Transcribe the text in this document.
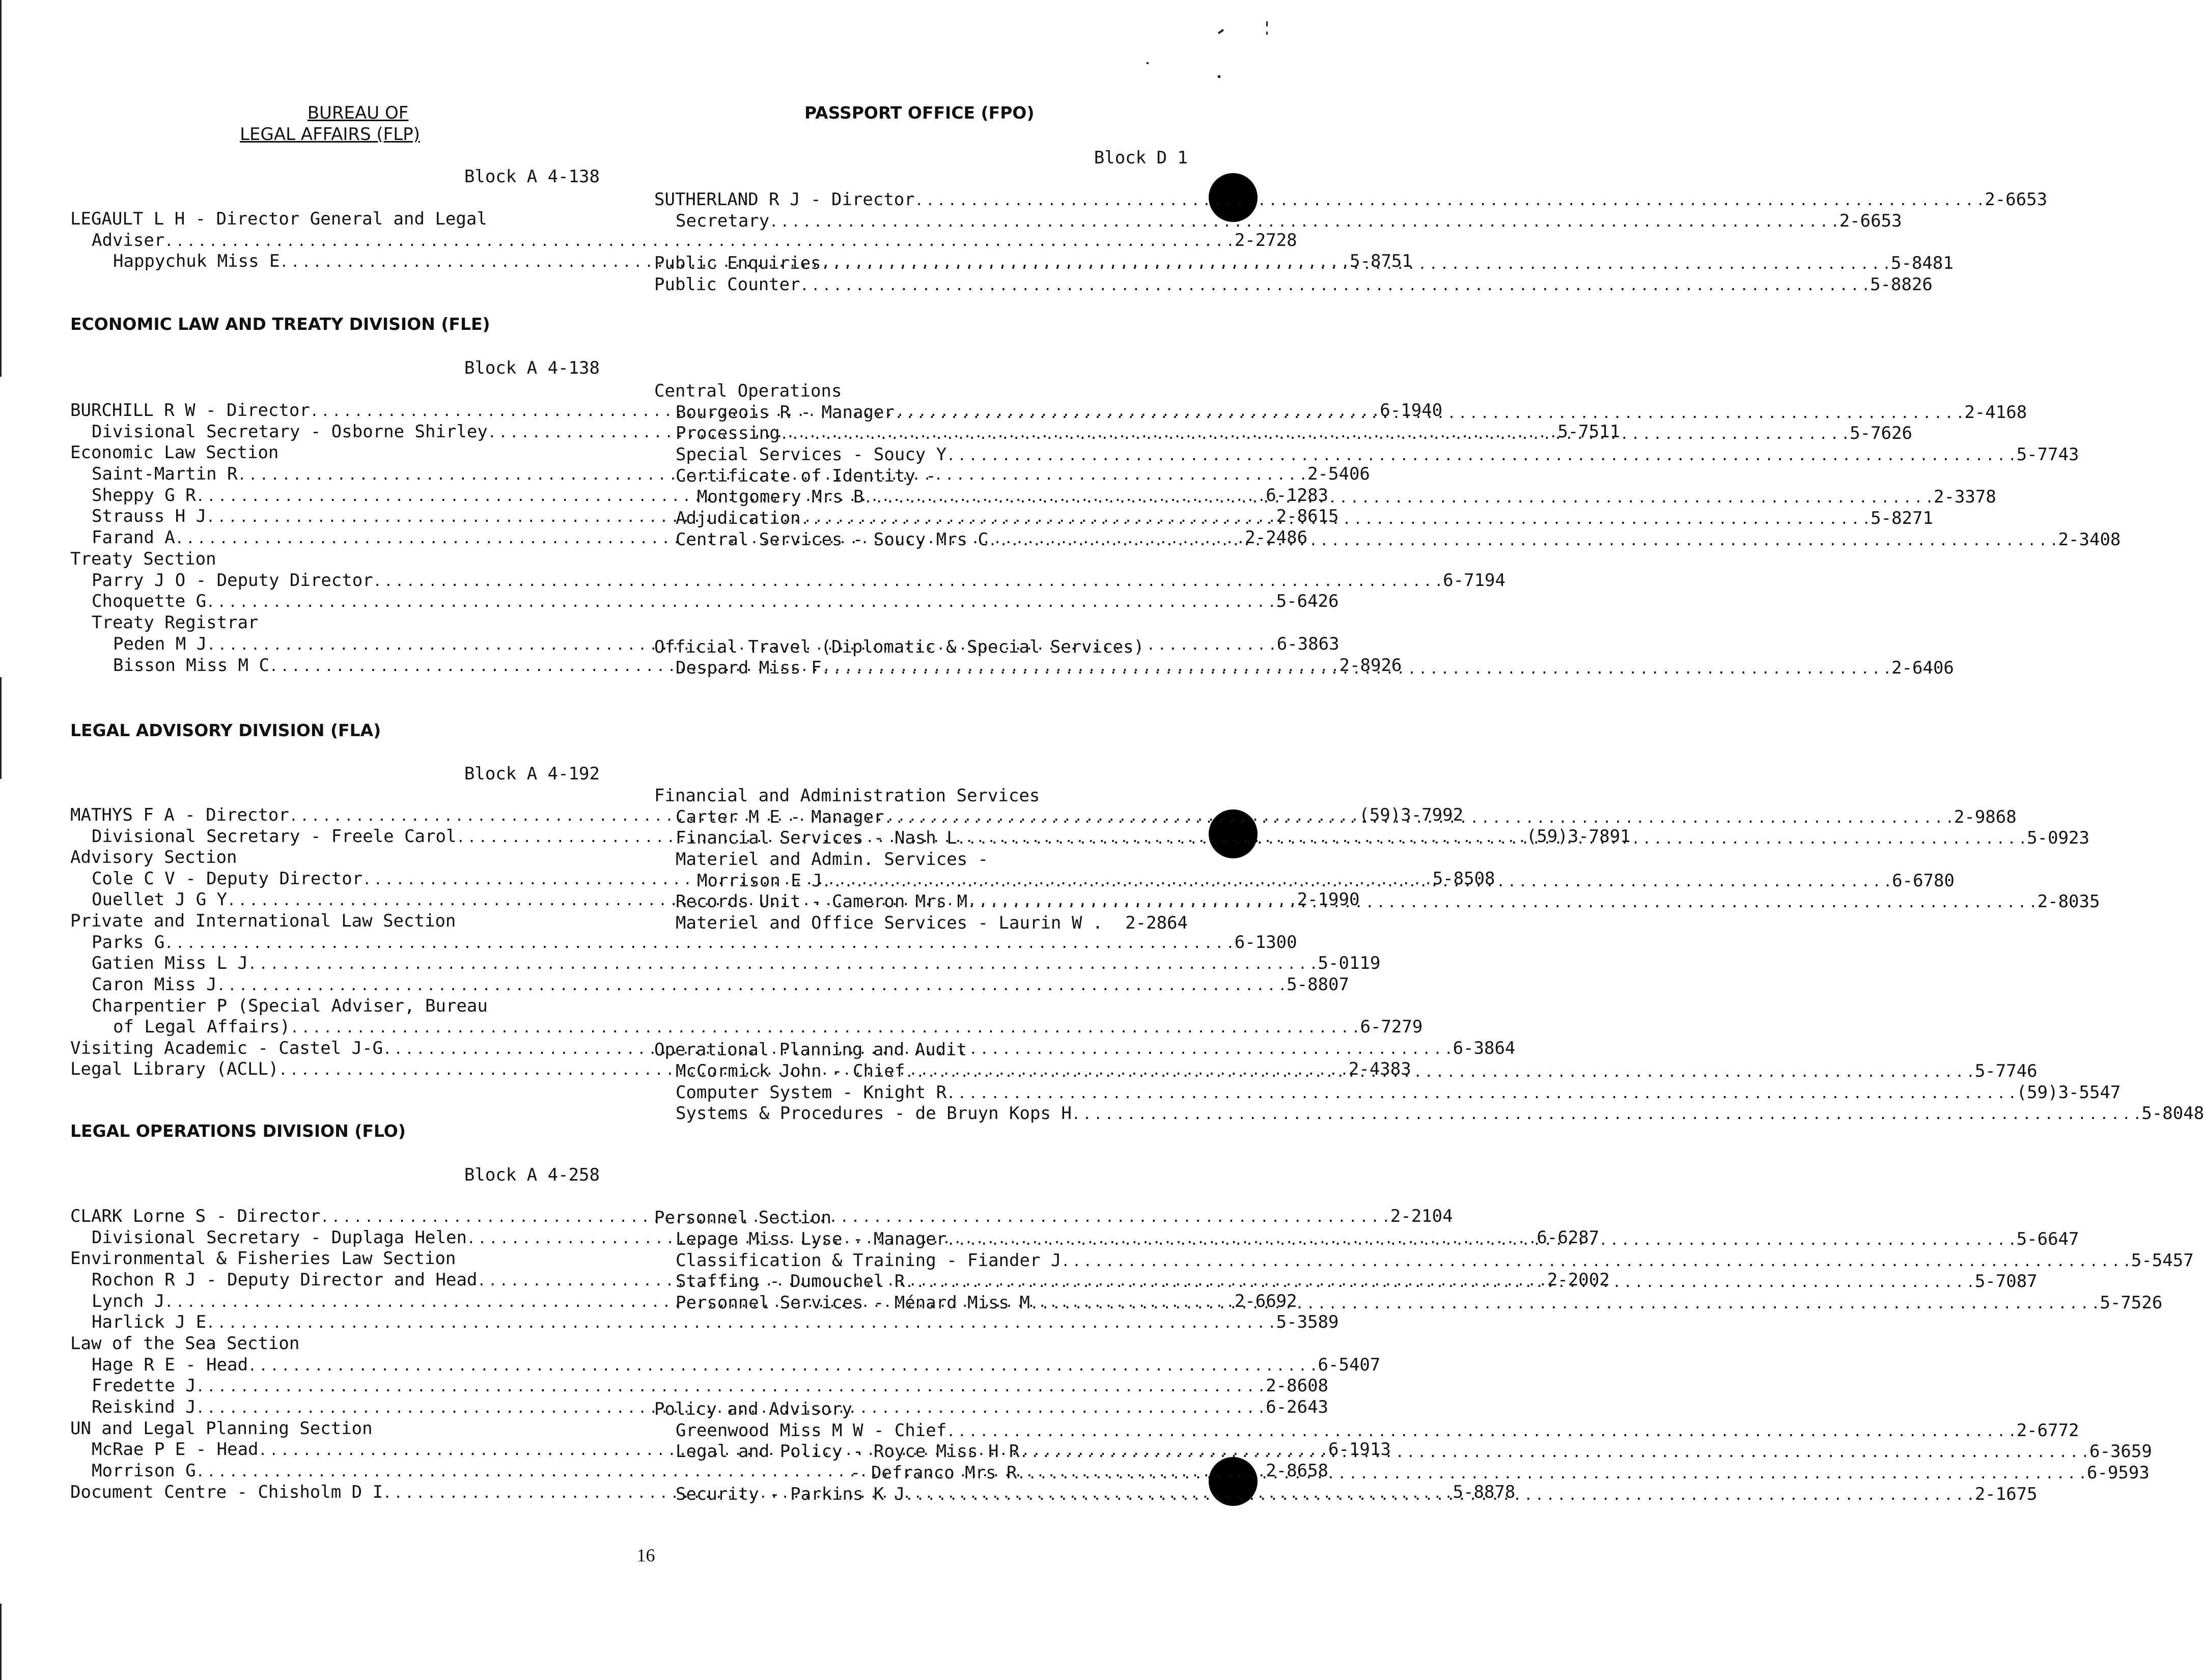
BUREAU OF
LEGAL AFFAIRS (FLP)
Block A 4-138
LEGAULT L H - Director General and Legal
Adviser . . .	2-2728
Happychuk Miss E . . .	5-8751
ECONOMIC LAW AND TREATY DIVISION (FLE)
Block A 4-138
BURCHILL R W - Director . . .	6-1940
Divisional Secretary - Osborne Shirley . . .	5-7511
Economic Law Section
Saint-Martin R . . .	2-5406
Sheppy G R . . .	6-1283
Strauss H J . . .	2-8615
Farand A . . .	2-2486
Treaty Section
Parry J O - Deputy Director . . .	6-7194
Choquette G . . .	5-6426
Treaty Registrar
Peden M J . . .	6-3863
Bisson Miss M C . . .	2-8926
LEGAL ADVISORY DIVISION (FLA)
Block A 4-192
MATHYS F A - Director . . .	(59)3-7992
Divisional Secretary - Freele Carol . . .	(59)3-7891
Advisory Section
Cole C V - Deputy Director . . .	5-8508
Ouellet J G Y . . .	2-1990
Private and International Law Section
Parks G . . .	6-1300
Gatien Miss L J . . .	5-0119
Caron Miss J . . .	5-8807
Charpentier P (Special Adviser, Bureau
of Legal Affairs) . . .	6-7279
Visiting Academic - Castel J-G . . .	6-3864
Legal Library (ACLL) . . .	2-4383
LEGAL OPERATIONS DIVISION (FLO)
Block A 4-258
CLARK Lorne S - Director . . .	2-2104
Divisional Secretary - Duplaga Helen . . .	6-6287
Environmental & Fisheries Law Section
Rochon R J - Deputy Director and Head . . .	2-2002
Lynch J . . .	2-6692
Harlick J E . . .	5-3589
Law of the Sea Section
Hage R E - Head . . .	6-5407
Fredette J . . .	2-8608
Reiskind J . . .	6-2643
UN and Legal Planning Section
McRae P E - Head . . .	6-1913
Morrison G . . .	2-8658
Document Centre - Chisholm D I . . .	5-8878
PASSPORT OFFICE (FPO)
Block D 1
SUTHERLAND R J - Director . . .	2-6653
Secretary . . .	2-6653
Public Enquiries . . .	5-8481
Public Counter . . .	5-8826
Central Operations
Bourgeois R - Manager . . .	2-4168
Processing . . .	5-7626
Special Services - Soucy Y . . .	5-7743
Certificate of Identity -
Montgomery Mrs B . . .	2-3378
Adjudication . . .	5-8271
Central Services - Soucy Mrs C . . .	2-3408
Official Travel (Diplomatic & Special Services)
Despard Miss F . . .	2-6406
Financial and Administration Services
Carter M E - Manager . . .	2-9868
Financial Services - Nash L . . .	5-0923
Materiel and Admin. Services -
Morrison E J . . .	6-6780
Records Unit - Cameron Mrs M . . .	2-8035
Materiel and Office Services - Laurin W . 2-2864
Operational Planning and Audit
McCormick John - Chief . . .	5-7746
Computer System - Knight R . . .	(59)3-5547
Systems & Procedures - de Bruyn Kops H . . .	5-8048
Personnel Section
Lepage Miss Lyse - Manager . . .	5-6647
Classification & Training - Fiander J . . .	5-5457
Staffing - Dumouchel R . . .	5-7087
Personnel Services - Ménard Miss M . . .	5-7526
Policy and Advisory
Greenwood Miss M W - Chief . . .	2-6772
Legal and Policy - Royce Miss H R . . .	6-3659
- Defranco Mrs R . . .	6-9593
Security - Parkins K J . . .	2-1675
16
